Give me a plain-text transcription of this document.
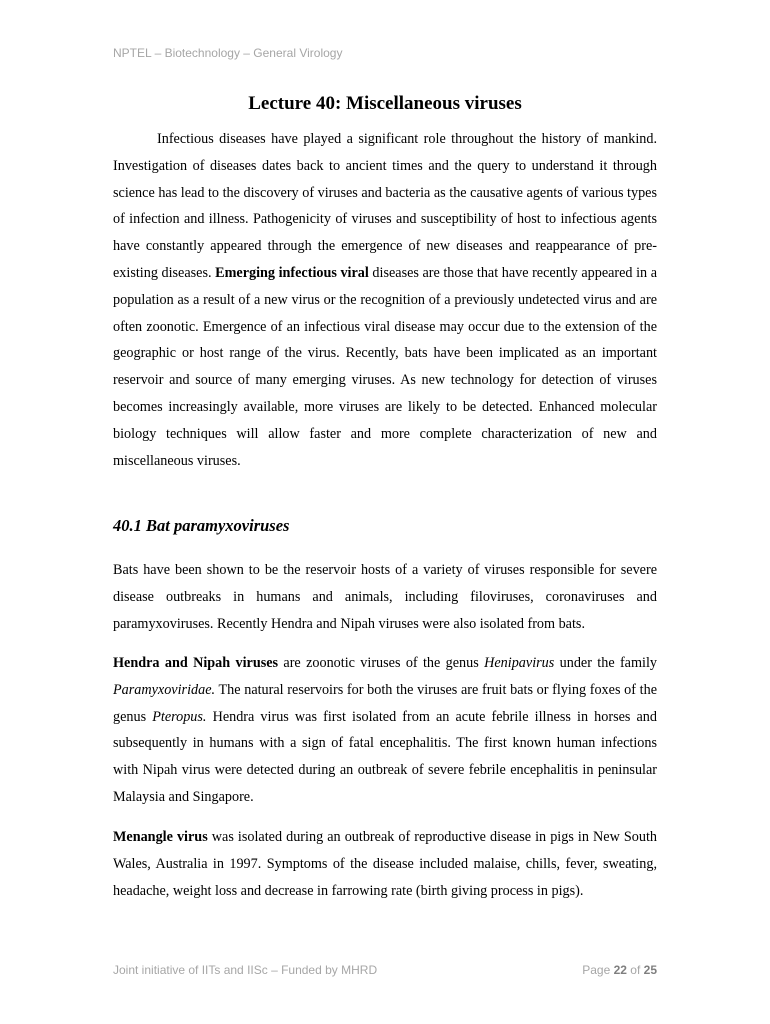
NPTEL – Biotechnology – General Virology
Lecture 40: Miscellaneous viruses

Infectious diseases have played a significant role throughout the history of mankind. Investigation of diseases dates back to ancient times and the query to understand it through science has lead to the discovery of viruses and bacteria as the causative agents of various types of infection and illness. Pathogenicity of viruses and susceptibility of host to infectious agents have constantly appeared through the emergence of new diseases and reappearance of pre-existing diseases. Emerging infectious viral diseases are those that have recently appeared in a population as a result of a new virus or the recognition of a previously undetected virus and are often zoonotic. Emergence of an infectious viral disease may occur due to the extension of the geographic or host range of the virus. Recently, bats have been implicated as an important reservoir and source of many emerging viruses. As new technology for detection of viruses becomes increasingly available, more viruses are likely to be detected. Enhanced molecular biology techniques will allow faster and more complete characterization of new and miscellaneous viruses.

40.1 Bat paramyxoviruses

Bats have been shown to be the reservoir hosts of a variety of viruses responsible for severe disease outbreaks in humans and animals, including filoviruses, coronaviruses and paramyxoviruses. Recently Hendra and Nipah viruses were also isolated from bats.

Hendra and Nipah viruses are zoonotic viruses of the genus Henipavirus under the family Paramyxoviridae. The natural reservoirs for both the viruses are fruit bats or flying foxes of the genus Pteropus. Hendra virus was first isolated from an acute febrile illness in horses and subsequently in humans with a sign of fatal encephalitis. The first known human infections with Nipah virus were detected during an outbreak of severe febrile encephalitis in peninsular Malaysia and Singapore.

Menangle virus was isolated during an outbreak of reproductive disease in pigs in New South Wales, Australia in 1997. Symptoms of the disease included malaise, chills, fever, sweating, headache, weight loss and decrease in farrowing rate (birth giving process in pigs).

Joint initiative of IITs and IISc – Funded by MHRD	Page 22 of 25
